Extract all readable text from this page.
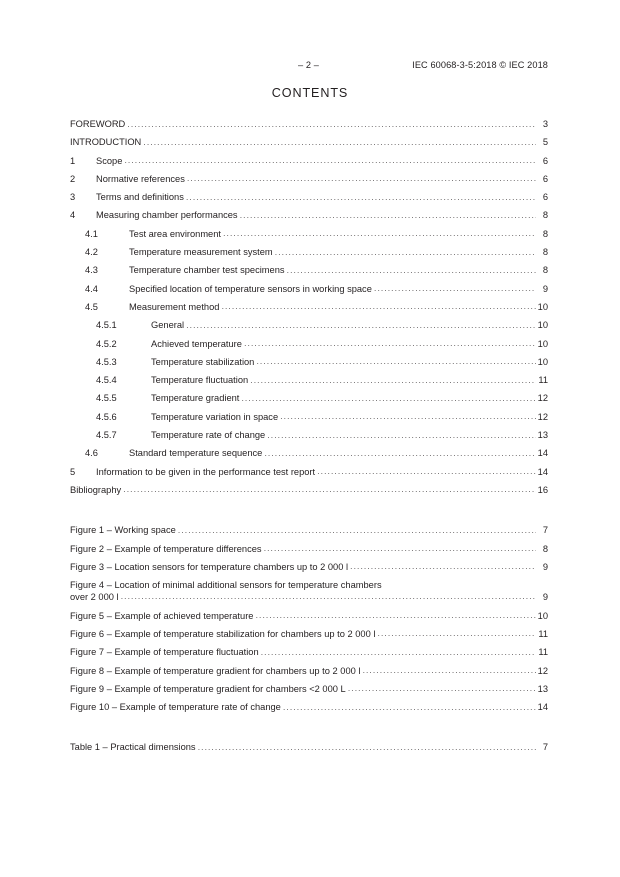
– 2 –	IEC 60068-3-5:2018 © IEC 2018
CONTENTS
FOREWORD .....	3
INTRODUCTION .....	5
1	Scope .....	6
2	Normative references .....	6
3	Terms and definitions .....	6
4	Measuring chamber performances .....	8
4.1	Test area environment .....	8
4.2	Temperature measurement system .....	8
4.3	Temperature chamber test specimens .....	8
4.4	Specified location of temperature sensors in working space .....	9
4.5	Measurement method .....	10
4.5.1	General .....	10
4.5.2	Achieved temperature .....	10
4.5.3	Temperature stabilization .....	10
4.5.4	Temperature fluctuation .....	11
4.5.5	Temperature gradient .....	12
4.5.6	Temperature variation in space .....	12
4.5.7	Temperature rate of change .....	13
4.6	Standard temperature sequence .....	14
5	Information to be given in the performance test report .....	14
Bibliography .....	16
Figure 1 – Working space .....	7
Figure 2 – Example of temperature differences .....	8
Figure 3 – Location sensors for temperature chambers up to 2 000 l .....	9
Figure 4 – Location of minimal additional sensors for temperature chambers
over 2 000 l .....	9
Figure 5 – Example of achieved temperature .....	10
Figure 6 – Example of temperature stabilization for chambers up to 2 000 l .....	11
Figure 7 – Example of temperature fluctuation .....	11
Figure 8 – Example of temperature gradient for chambers up to 2 000 l .....	12
Figure 9 – Example of temperature gradient for chambers <2 000 L .....	13
Figure 10 – Example of temperature rate of change .....	14
Table 1 – Practical dimensions .....	7
